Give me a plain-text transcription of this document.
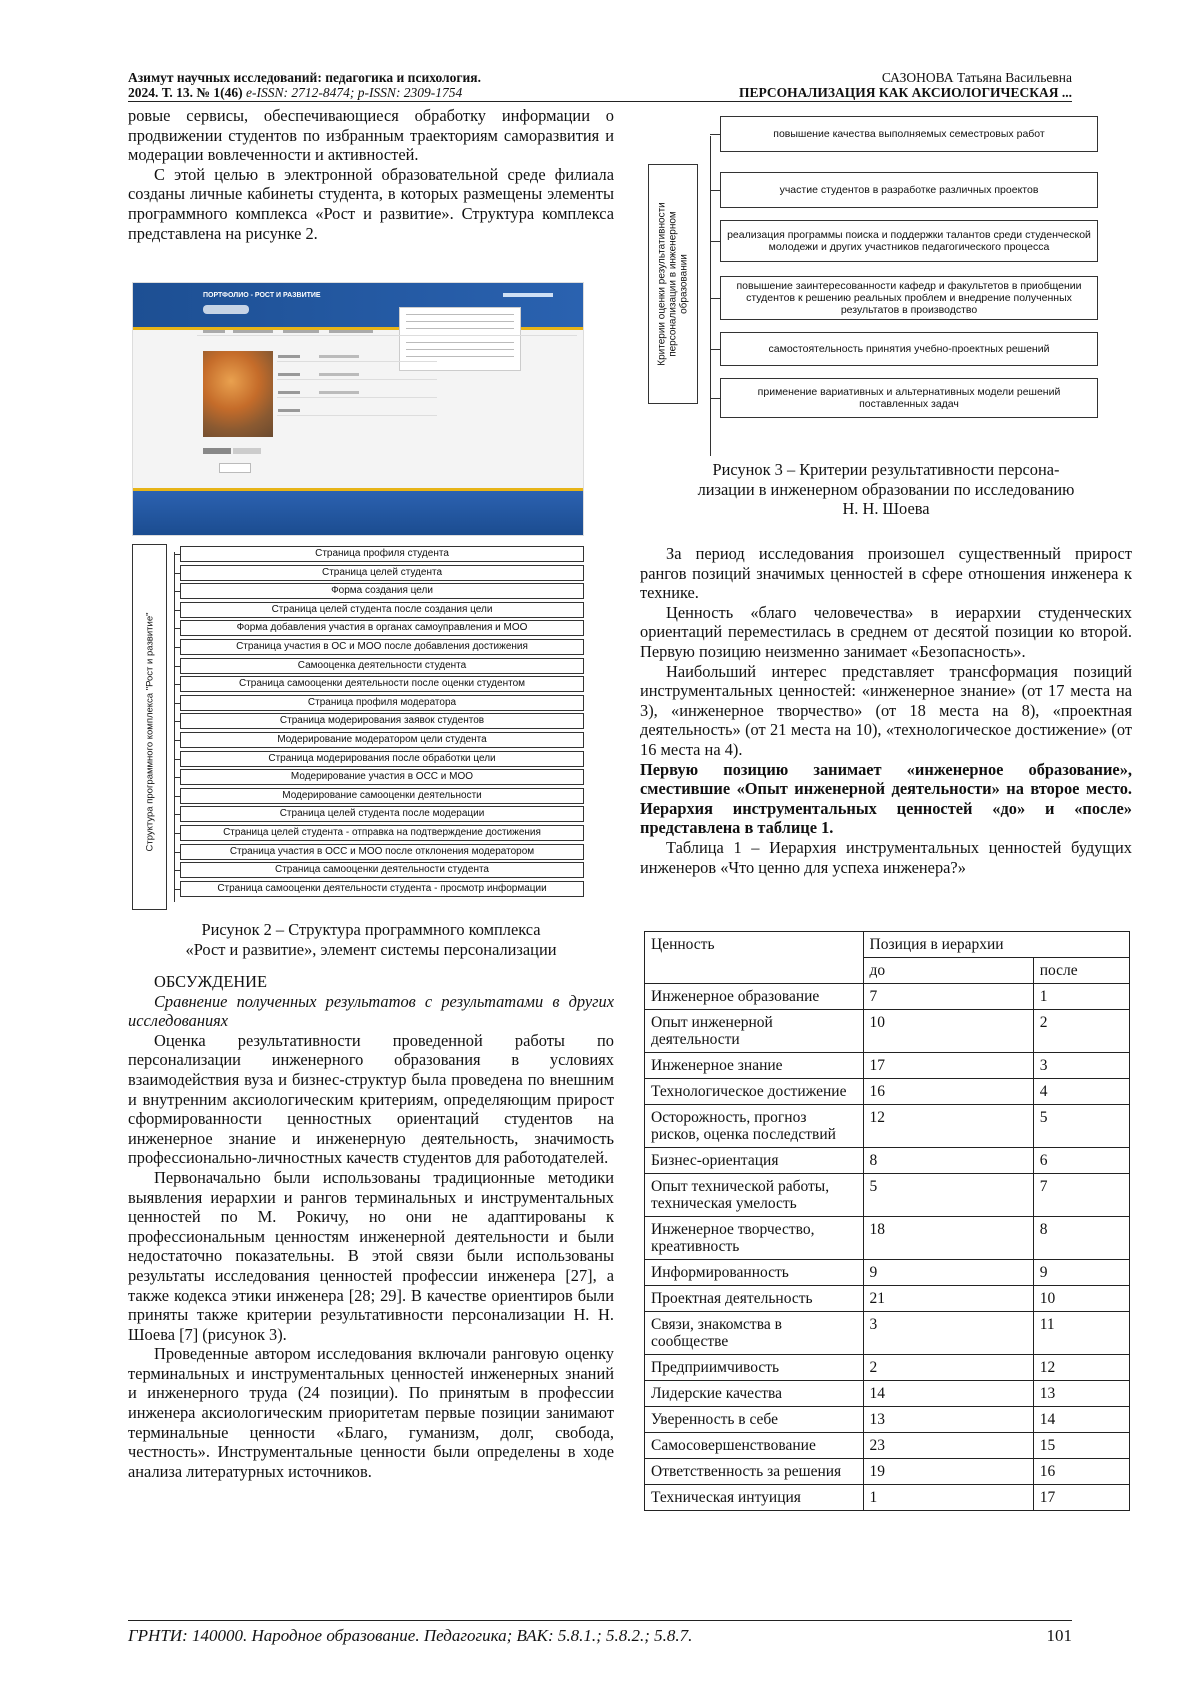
Азимут научных исследований: педагогика и психология.
2024. Т. 13. № 1(46) e-ISSN: 2712-8474; p-ISSN: 2309-1754
САЗОНОВА Татьяна Васильевна
ПЕРСОНАЛИЗАЦИЯ КАК АКСИОЛОГИЧЕСКАЯ ...

ровые сервисы, обеспечивающиеся обработку информации о продвижении студентов по избранным траекториям саморазвития и модерации вовлеченности и активностей.

С этой целью в электронной образовательной среде филиала созданы личные кабинеты студента, в которых размещены элементы программного комплекса «Рост и развитие». Структура комплекса представлена на рисунке 2.

ПОРТФОЛИО - РОСТ И РАЗВИТИЕ
Структура программного комплекса "Рост и развитие"
Страница профиля студента
Страница целей студента
Форма создания цели
Страница целей студента после создания цели
Форма добавления участия в органах самоуправления и МОО
Страница участия в ОС и МОО после добавления достижения
Самооценка деятельности студента
Страница самооценки деятельности после оценки студентом
Страница профиля модератора
Страница модерирования заявок студентов
Модерирование модератором цели студента
Страница модерирования после обработки цели
Модерирование участия в ОСС и МОО
Модерирование самооценки деятельности
Страница целей студента после модерации
Страница целей студента - отправка на подтверждение достижения
Страница участия в ОСС и МОО после отклонения модератором
Страница самооценки деятельности студента
Страница самооценки деятельности студента - просмотр информации
Рисунок 2 – Структура программного комплекса
«Рост и развитие», элемент системы персонализации

ОБСУЖДЕНИЕ

Сравнение полученных результатов с результатами в других исследованиях

Оценка результативности проведенной работы по персонализации инженерного образования в условиях взаимодействия вуза и бизнес-структур была проведена по внешним и внутренним аксиологическим критериям, определяющим прирост сформированности ценностных ориентаций студентов на инженерное знание и инженерную деятельность, значимость профессионально-личностных качеств студентов для работодателей.

Первоначально были использованы традиционные методики выявления иерархии и рангов терминальных и инструментальных ценностей по М. Рокичу, но они не адаптированы к профессиональным ценностям инженерной деятельности и были недостаточно показательны. В этой связи были использованы результаты исследования ценностей профессии инженера [27], а также кодекса этики инженера [28; 29]. В качестве ориентиров были приняты также критерии результативности персонализации Н. Н. Шоева [7] (рисунок 3).

Проведенные автором исследования включали ранговую оценку терминальных и инструментальных ценностей инженерных знаний и инженерного труда (24 позиции). По принятым в профессии инженера аксиологическим приоритетам первые позиции занимают терминальные ценности «Благо, гуманизм, долг, свобода, честность». Инструментальные ценности были определены в ходе анализа литературных источников.

Критерии оценки результативности персонализации в инженерном образовании
повышение качества выполняемых семестровых работ
участие студентов в разработке различных проектов
реализация программы поиска и поддержки талантов среди студенческой молодежи и других участников педагогического процесса
повышение заинтересованности кафедр и факультетов в приобщении студентов к решению реальных проблем и внедрение полученных результатов в производство
самостоятельность принятия учебно-проектных решений
применение вариативных и альтернативных модели решений поставленных задач
Рисунок 3 – Критерии результативности персона-
лизации в инженерном образовании по исследованию
Н. Н. Шоева

За период исследования произошел существенный прирост рангов позиций значимых ценностей в сфере отношения инженера к технике.

Ценность «благо человечества» в иерархии студенческих ориентаций переместилась в среднем от десятой позиции ко второй. Первую позицию неизменно занимает «Безопасность».

Наибольший интерес представляет трансформация позиций инструментальных ценностей: «инженерное знание» (от 17 места на 3), «инженерное творчество» (от 18 места на 8), «проектная деятельность» (от 21 места на 10), «технологическое достижение» (от 16 места на 4).

Первую позицию занимает «инженерное образование», сместившие «Опыт инженерной деятельности» на второе место. Иерархия инструментальных ценностей «до» и «после» представлена в таблице 1.

Таблица 1 – Иерархия инструментальных ценностей будущих инженеров «Что ценно для успеха инженера?»

Ценность	Позиция в иерархии	
	до	после
Инженерное образование	7	1
Опыт инженерной деятельности	10	2
Инженерное знание	17	3
Технологическое достижение	16	4
Осторожность, прогноз рисков, оценка последствий	12	5
Бизнес-ориентация	8	6
Опыт технической работы, техническая умелость	5	7
Инженерное творчество, креативность	18	8
Информированность	9	9
Проектная деятельность	21	10
Связи, знакомства в сообществе	3	11
Предприимчивость	2	12
Лидерские качества	14	13
Уверенность в себе	13	14
Самосовершенствование	23	15
Ответственность за решения	19	16
Техническая интуиция	1	17
ГРНТИ: 140000. Народное образование. Педагогика; ВАК: 5.8.1.; 5.8.2.; 5.8.7.	101
